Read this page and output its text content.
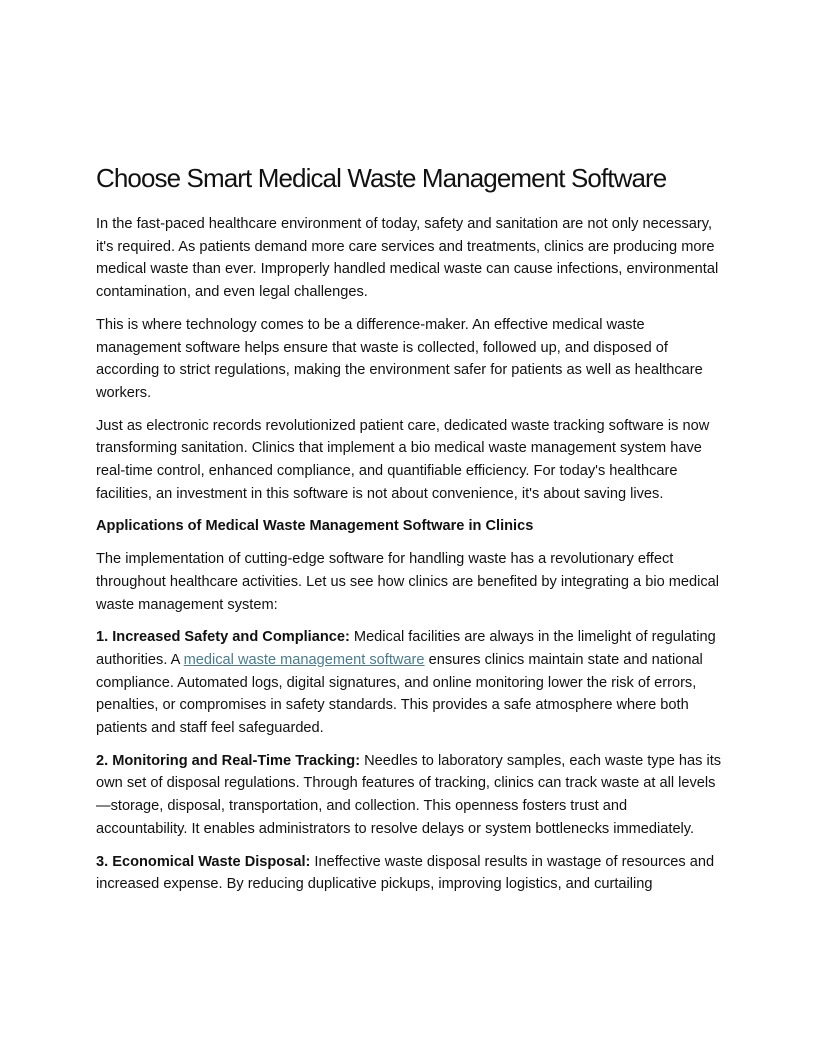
Choose Smart Medical Waste Management Software

In the fast-paced healthcare environment of today, safety and sanitation are not only necessary, it's required. As patients demand more care services and treatments, clinics are producing more medical waste than ever. Improperly handled medical waste can cause infections, environmental contamination, and even legal challenges.

This is where technology comes to be a difference-maker. An effective medical waste management software helps ensure that waste is collected, followed up, and disposed of according to strict regulations, making the environment safer for patients as well as healthcare workers.

Just as electronic records revolutionized patient care, dedicated waste tracking software is now transforming sanitation. Clinics that implement a bio medical waste management system have real-time control, enhanced compliance, and quantifiable efficiency. For today's healthcare facilities, an investment in this software is not about convenience, it's about saving lives.

Applications of Medical Waste Management Software in Clinics

The implementation of cutting-edge software for handling waste has a revolutionary effect throughout healthcare activities. Let us see how clinics are benefited by integrating a bio medical waste management system:

1. Increased Safety and Compliance: Medical facilities are always in the limelight of regulating authorities. A medical waste management software ensures clinics maintain state and national compliance. Automated logs, digital signatures, and online monitoring lower the risk of errors, penalties, or compromises in safety standards. This provides a safe atmosphere where both patients and staff feel safeguarded.

2. Monitoring and Real-Time Tracking: Needles to laboratory samples, each waste type has its own set of disposal regulations. Through features of tracking, clinics can track waste at all levels—storage, disposal, transportation, and collection. This openness fosters trust and accountability. It enables administrators to resolve delays or system bottlenecks immediately.

3. Economical Waste Disposal: Ineffective waste disposal results in wastage of resources and increased expense. By reducing duplicative pickups, improving logistics, and curtailing
